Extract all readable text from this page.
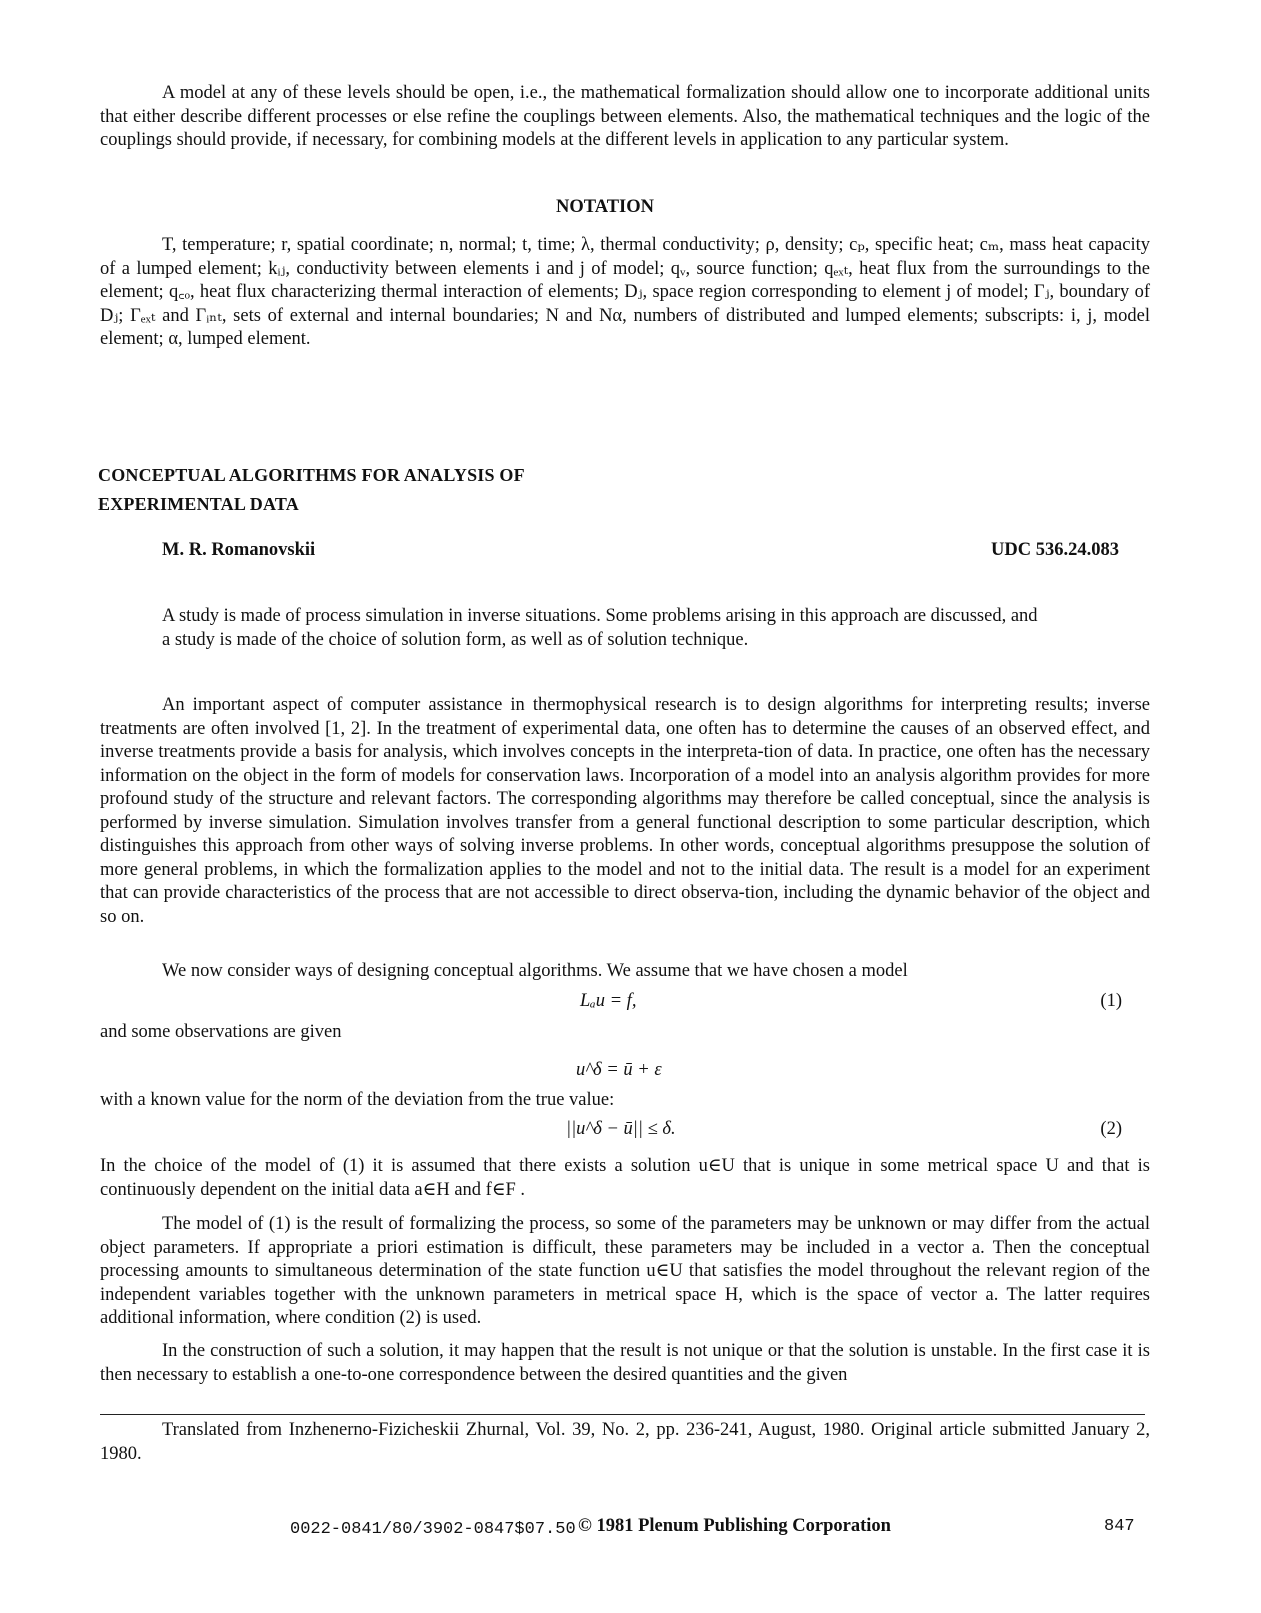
A model at any of these levels should be open, i.e., the mathematical formalization should allow one to incorporate additional units that either describe different processes or else refine the couplings between elements. Also, the mathematical techniques and the logic of the couplings should provide, if necessary, for combining models at the different levels in application to any particular system.

NOTATION

T, temperature; r, spatial coordinate; n, normal; t, time; λ, thermal conductivity; ρ, density; cₚ, specific heat; cₘ, mass heat capacity of a lumped element; kᵢⱼ, conductivity between elements i and j of model; qᵥ, source function; qₑₓₜ, heat flux from the surroundings to the element; q꜀ₒ, heat flux characterizing thermal interaction of elements; Dⱼ, space region corresponding to element j of model; Γⱼ, boundary of Dⱼ; Γₑₓₜ and Γᵢₙₜ, sets of external and internal boundaries; N and Nα, numbers of distributed and lumped elements; subscripts: i, j, model element; α, lumped element.

CONCEPTUAL ALGORITHMS FOR ANALYSIS OF
EXPERIMENTAL DATA
M. R. Romanovskii	UDC 536.24.083

A study is made of process simulation in inverse situations. Some problems arising in this approach are discussed, and a study is made of the choice of solution form, as well as of solution technique.

An important aspect of computer assistance in thermophysical research is to design algorithms for interpreting results; inverse treatments are often involved [1, 2]. In the treatment of experimental data, one often has to determine the causes of an observed effect, and inverse treatments provide a basis for analysis, which involves concepts in the interpreta-tion of data. In practice, one often has the necessary information on the object in the form of models for conservation laws. Incorporation of a model into an analysis algorithm provides for more profound study of the structure and relevant factors. The corresponding algorithms may therefore be called conceptual, since the analysis is performed by inverse simulation. Simulation involves transfer from a general functional description to some particular description, which distinguishes this approach from other ways of solving inverse problems. In other words, conceptual algorithms presuppose the solution of more general problems, in which the formalization applies to the model and not to the initial data. The result is a model for an experiment that can provide characteristics of the process that are not accessible to direct observa-tion, including the dynamic behavior of the object and so on.

We now consider ways of designing conceptual algorithms. We assume that we have chosen a model

Lₐu = f,	(1)

and some observations are given

u^δ = ū + ε

with a known value for the norm of the deviation from the true value:

||u^δ − ū|| ≤ δ.	(2)

In the choice of the model of (1) it is assumed that there exists a solution u∈U that is unique in some metrical space U and that is continuously dependent on the initial data a∈H and f∈F .

The model of (1) is the result of formalizing the process, so some of the parameters may be unknown or may differ from the actual object parameters. If appropriate a priori estimation is difficult, these parameters may be included in a vector a. Then the conceptual processing amounts to simultaneous determination of the state function u∈U that satisfies the model throughout the relevant region of the independent variables together with the unknown parameters in metrical space H, which is the space of vector a. The latter requires additional information, where condition (2) is used.

In the construction of such a solution, it may happen that the result is not unique or that the solution is unstable. In the first case it is then necessary to establish a one-to-one correspondence between the desired quantities and the given

Translated from Inzhenerno-Fizicheskii Zhurnal, Vol. 39, No. 2, pp. 236-241, August, 1980. Original article submitted January 2, 1980.

0022-0841/80/3902-0847$07.50 © 1981 Plenum Publishing Corporation	847
